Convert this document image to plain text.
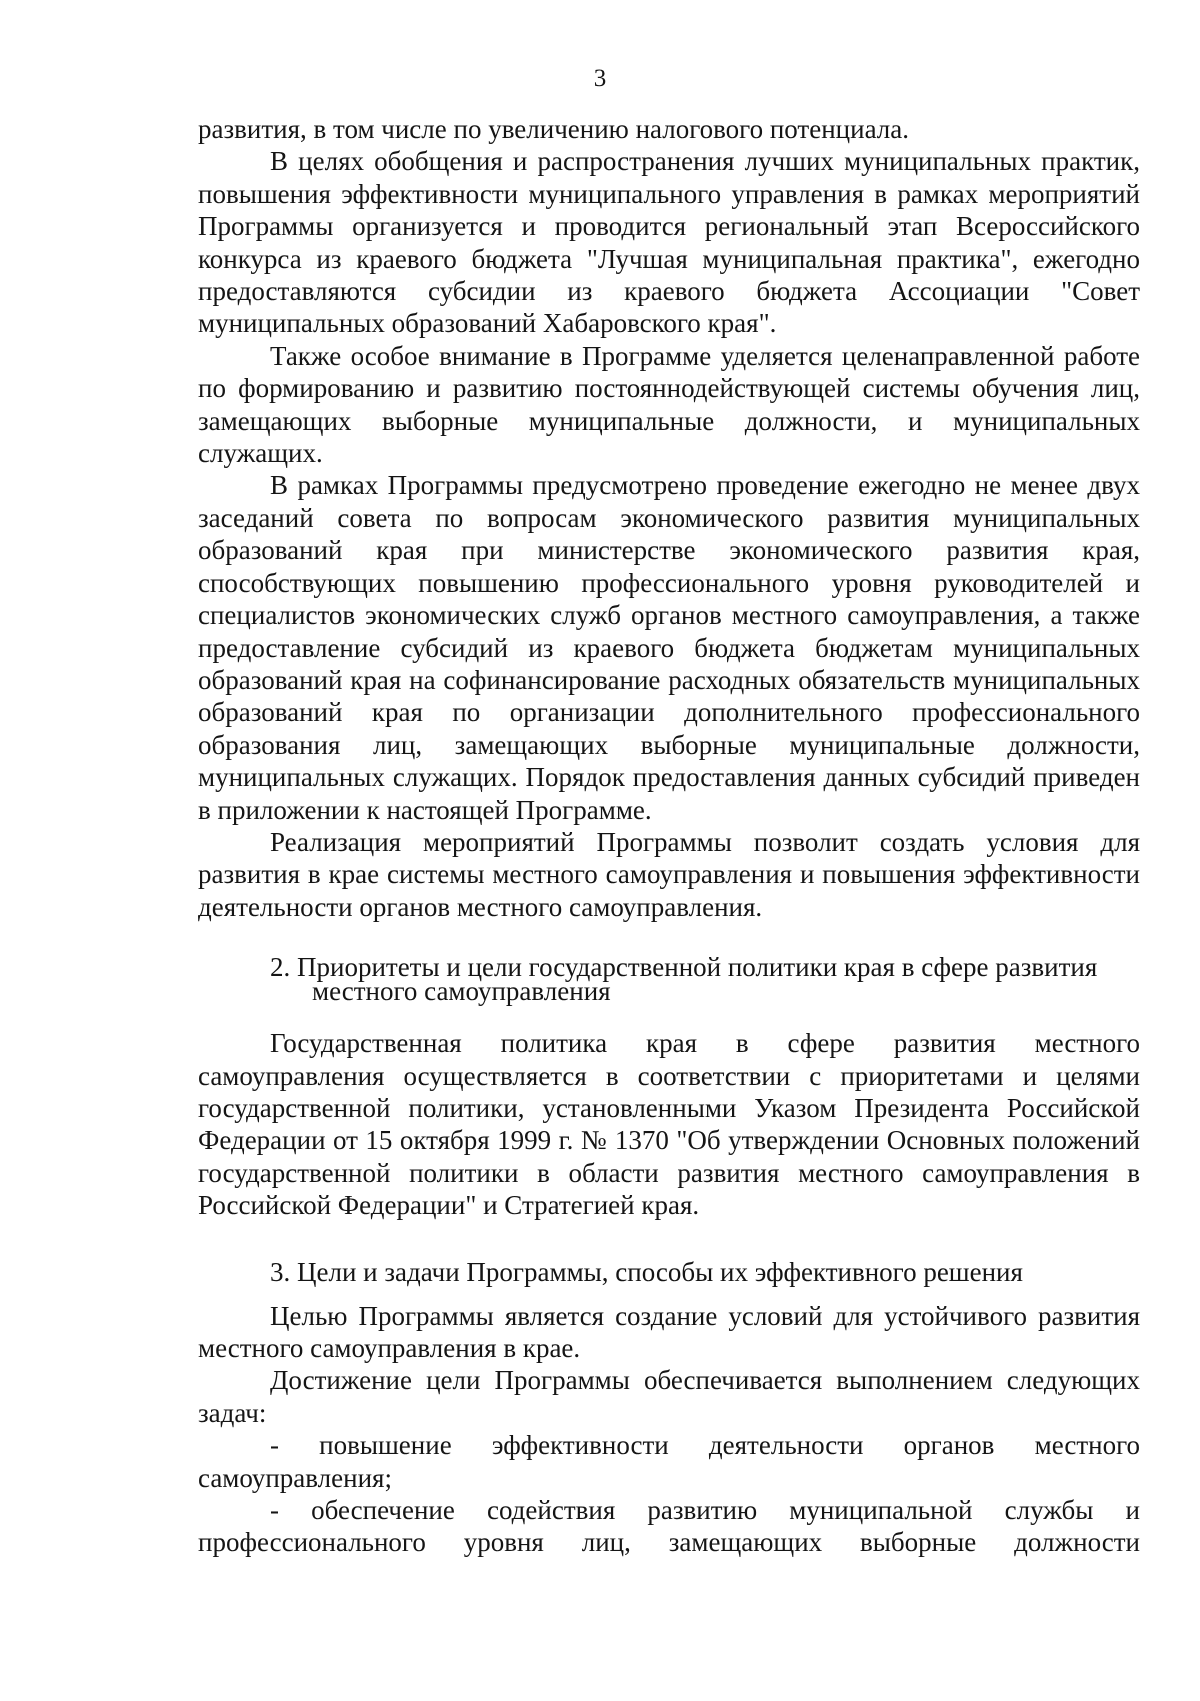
3

развития, в том числе по увеличению налогового потенциала.

В целях обобщения и распространения лучших муниципальных практик, повышения эффективности муниципального управления в рамках мероприятий Программы организуется и проводится региональный этап Всероссийского конкурса из краевого бюджета "Лучшая муниципальная практика", ежегодно предоставляются субсидии из краевого бюджета Ассоциации "Совет муниципальных образований Хабаровского края".

Также особое внимание в Программе уделяется целенаправленной работе по формированию и развитию постояннодействующей системы обучения лиц, замещающих выборные муниципальные должности, и муниципальных служащих.

В рамках Программы предусмотрено проведение ежегодно не менее двух заседаний совета по вопросам экономического развития муниципальных образований края при министерстве экономического развития края, способствующих повышению профессионального уровня руководителей и специалистов экономических служб органов местного самоуправления, а также предоставление субсидий из краевого бюджета бюджетам муниципальных образований края на софинансирование расходных обязательств муниципальных образований края по организации дополнительного профессионального образования лиц, замещающих выборные муниципальные должности, муниципальных служащих. Порядок предоставления данных субсидий приведен в приложении к настоящей Программе.

Реализация мероприятий Программы позволит создать условия для развития в крае системы местного самоуправления и повышения эффективности деятельности органов местного самоуправления.

2. Приоритеты и цели государственной политики края в сфере развития
местного самоуправления

Государственная политика края в сфере развития местного самоуправления осуществляется в соответствии с приоритетами и целями государственной политики, установленными Указом Президента Российской Федерации от 15 октября 1999 г. № 1370 "Об утверждении Основных положений государственной политики в области развития местного самоуправления в Российской Федерации" и Стратегией края.

3. Цели и задачи Программы, способы их эффективного решения

Целью Программы является создание условий для устойчивого развития местного самоуправления в крае.

Достижение цели Программы обеспечивается выполнением следующих задач:

- повышение эффективности деятельности органов местного самоуправления;

- обеспечение содействия развитию муниципальной службы и профессионального уровня лиц, замещающих выборные должности
